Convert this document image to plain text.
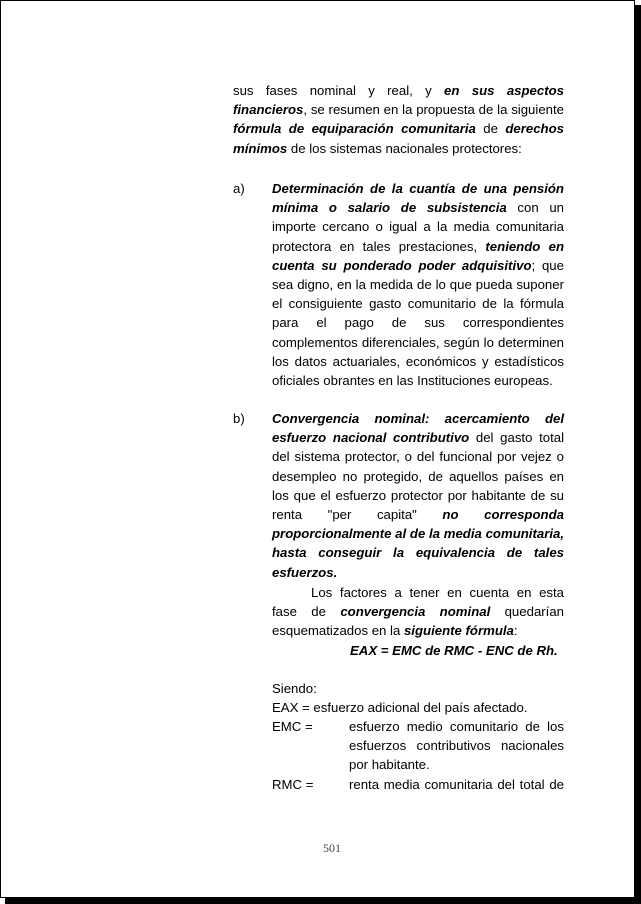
sus fases nominal y real, y en sus aspectos financieros, se resumen en la propuesta de la siguiente fórmula de equiparación comunitaria de derechos mínimos de los sistemas nacionales protectores:

a) Determinación de la cuantía de una pensión mínima o salario de subsistencia con un importe cercano o igual a la media comunitaria protectora en tales prestaciones, teniendo en cuenta su ponderado poder adquisitivo; que sea digno, en la medida de lo que pueda suponer el consiguiente gasto comunitario de la fórmula para el pago de sus correspondientes complementos diferenciales, según lo determinen los datos actuariales, económicos y estadísticos oficiales obrantes en las Instituciones europeas.

b) Convergencia nominal: acercamiento del esfuerzo nacional contributivo del gasto total del sistema protector, o del funcional por vejez o desempleo no protegido, de aquellos países en los que el esfuerzo protector por habitante de su renta "per capita" no corresponda proporcionalmente al de la media comunitaria, hasta conseguir la equivalencia de tales esfuerzos.

Los factores a tener en cuenta en esta fase de convergencia nominal quedarían esquematizados en la siguiente fórmula:

EAX = EMC de RMC - ENC de Rh.
Siendo:
EAX = esfuerzo adicional del país afectado.
EMC =	esfuerzo medio comunitario de los esfuerzos contributivos nacionales por habitante.
RMC =	renta media comunitaria del total de
501
